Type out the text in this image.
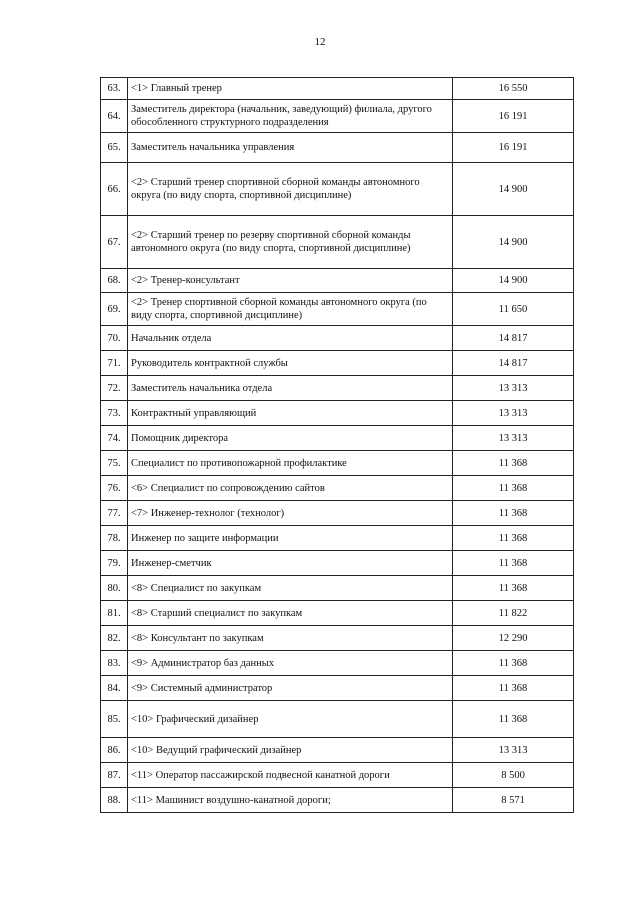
12
63.	<1> Главный тренер	16 550
64.	Заместитель директора (начальник, заведующий) филиала, другого обособленного структурного подразделения	16 191
65.	Заместитель начальника управления	16 191
66.	<2> Старший тренер спортивной сборной команды автономного округа (по виду спорта, спортивной дисциплине)	14 900
67.	<2> Старший тренер по резерву спортивной сборной команды автономного округа (по виду спорта, спортивной дисциплине)	14 900
68.	<2> Тренер-консультант	14 900
69.	<2> Тренер спортивной сборной команды автономного округа (по виду спорта, спортивной дисциплине)	11 650
70.	Начальник отдела	14 817
71.	Руководитель контрактной службы	14 817
72.	Заместитель начальника отдела	13 313
73.	Контрактный управляющий	13 313
74.	Помощник директора	13 313
75.	Специалист по противопожарной профилактике	11 368
76.	<6> Специалист по сопровождению сайтов	11 368
77.	<7> Инженер-технолог (технолог)	11 368
78.	Инженер по защите информации	11 368
79.	Инженер-сметчик	11 368
80.	<8> Специалист по закупкам	11 368
81.	<8> Старший специалист по закупкам	11 822
82.	<8> Консультант по закупкам	12 290
83.	<9> Администратор баз данных	11 368
84.	<9> Системный администратор	11 368
85.	<10> Графический дизайнер	11 368
86.	<10> Ведущий графический дизайнер	13 313
87.	<11> Оператор пассажирской подвесной канатной дороги	8 500
88.	<11> Машинист воздушно-канатной дороги;	8 571
